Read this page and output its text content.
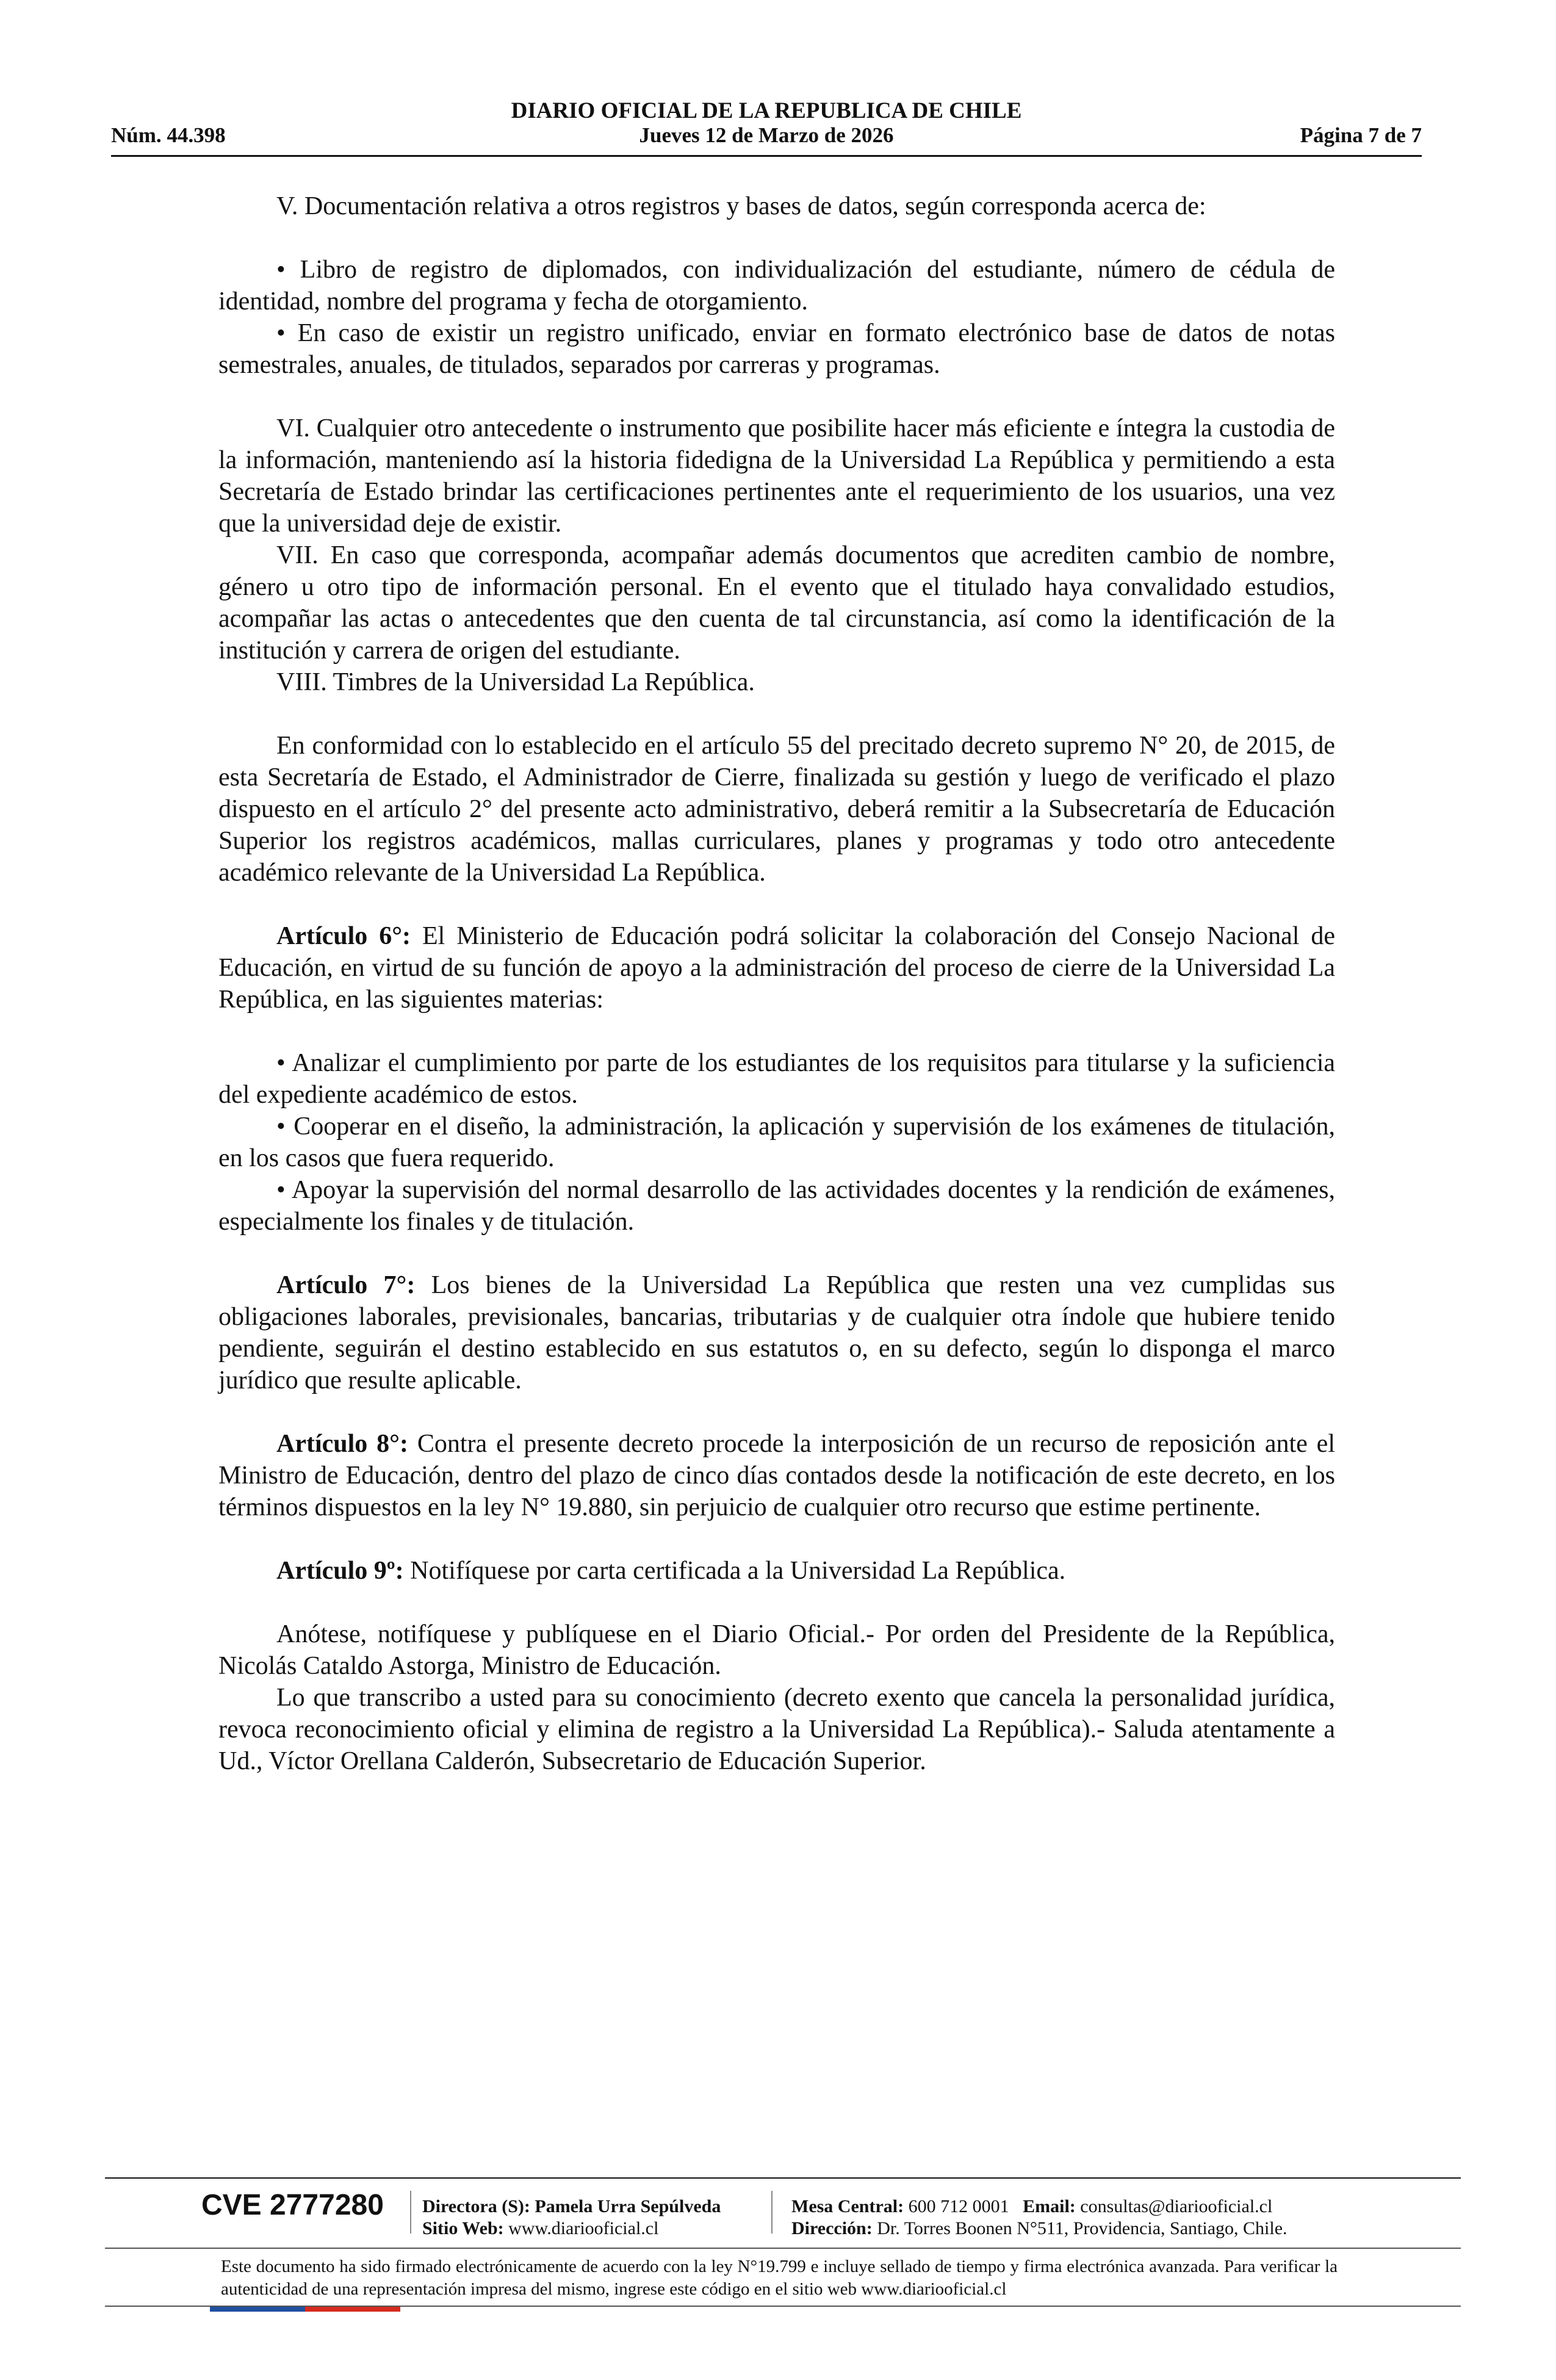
DIARIO OFICIAL DE LA REPUBLICA DE CHILE
Núm. 44.398	Jueves 12 de Marzo de 2026	Página 7 de 7

V. Documentación relativa a otros registros y bases de datos, según corresponda acerca de:

• Libro de registro de diplomados, con individualización del estudiante, número de cédula de identidad, nombre del programa y fecha de otorgamiento.

• En caso de existir un registro unificado, enviar en formato electrónico base de datos de notas semestrales, anuales, de titulados, separados por carreras y programas.

VI. Cualquier otro antecedente o instrumento que posibilite hacer más eficiente e íntegra la custodia de la información, manteniendo así la historia fidedigna de la Universidad La República y permitiendo a esta Secretaría de Estado brindar las certificaciones pertinentes ante el requerimiento de los usuarios, una vez que la universidad deje de existir.

VII. En caso que corresponda, acompañar además documentos que acrediten cambio de nombre, género u otro tipo de información personal. En el evento que el titulado haya convalidado estudios, acompañar las actas o antecedentes que den cuenta de tal circunstancia, así como la identificación de la institución y carrera de origen del estudiante.

VIII. Timbres de la Universidad La República.

En conformidad con lo establecido en el artículo 55 del precitado decreto supremo N° 20, de 2015, de esta Secretaría de Estado, el Administrador de Cierre, finalizada su gestión y luego de verificado el plazo dispuesto en el artículo 2° del presente acto administrativo, deberá remitir a la Subsecretaría de Educación Superior los registros académicos, mallas curriculares, planes y programas y todo otro antecedente académico relevante de la Universidad La República.

Artículo 6°: El Ministerio de Educación podrá solicitar la colaboración del Consejo Nacional de Educación, en virtud de su función de apoyo a la administración del proceso de cierre de la Universidad La República, en las siguientes materias:

• Analizar el cumplimiento por parte de los estudiantes de los requisitos para titularse y la suficiencia del expediente académico de estos.

• Cooperar en el diseño, la administración, la aplicación y supervisión de los exámenes de titulación, en los casos que fuera requerido.

• Apoyar la supervisión del normal desarrollo de las actividades docentes y la rendición de exámenes, especialmente los finales y de titulación.

Artículo 7°: Los bienes de la Universidad La República que resten una vez cumplidas sus obligaciones laborales, previsionales, bancarias, tributarias y de cualquier otra índole que hubiere tenido pendiente, seguirán el destino establecido en sus estatutos o, en su defecto, según lo disponga el marco jurídico que resulte aplicable.

Artículo 8°: Contra el presente decreto procede la interposición de un recurso de reposición ante el Ministro de Educación, dentro del plazo de cinco días contados desde la notificación de este decreto, en los términos dispuestos en la ley N° 19.880, sin perjuicio de cualquier otro recurso que estime pertinente.

Artículo 9º: Notifíquese por carta certificada a la Universidad La República.

Anótese, notifíquese y publíquese en el Diario Oficial.- Por orden del Presidente de la República, Nicolás Cataldo Astorga, Ministro de Educación.

Lo que transcribo a usted para su conocimiento (decreto exento que cancela la personalidad jurídica, revoca reconocimiento oficial y elimina de registro a la Universidad La República).- Saluda atentamente a Ud., Víctor Orellana Calderón, Subsecretario de Educación Superior.

CVE 2777280 Directora (S): Pamela Urra Sepúlveda
Sitio Web: www.diariooficial.cl
Mesa Central: 600 712 0001 Email: consultas@diariooficial.cl
Dirección: Dr. Torres Boonen N°511, Providencia, Santiago, Chile.
Este documento ha sido firmado electrónicamente de acuerdo con la ley N°19.799 e incluye sellado de tiempo y firma electrónica avanzada. Para verificar la autenticidad de una representación impresa del mismo, ingrese este código en el sitio web www.diariooficial.cl
